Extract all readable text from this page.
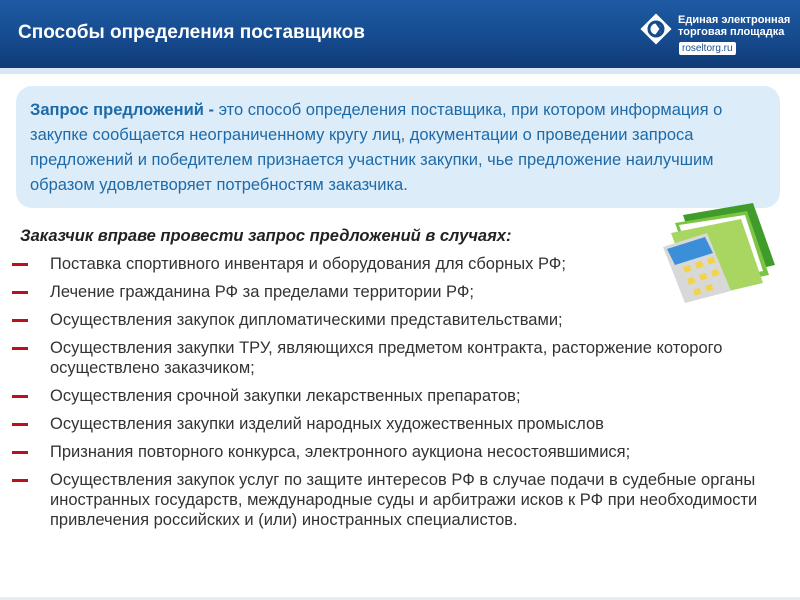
Способы определения поставщиков
Единая электронная торговая площадка
roseltorg.ru

Запрос предложений - это способ определения поставщика, при котором информация о закупке сообщается неограниченному кругу лиц, документации о проведении запроса предложений и победителем признается участник закупки, чье предложение наилучшим образом удовлетворяет потребностям заказчика.

Заказчик вправе провести запрос предложений в случаях:
Поставка спортивного инвентаря и оборудования для сборных РФ;
Лечение гражданина РФ за пределами территории РФ;
Осуществления закупок дипломатическими представительствами;
Осуществления закупки ТРУ, являющихся предметом контракта, расторжение которого осуществлено заказчиком;
Осуществления срочной закупки лекарственных препаратов;
Осуществления закупки изделий народных художественных промыслов
Признания повторного конкурса, электронного аукциона несостоявшимися;
Осуществления закупок услуг по защите интересов РФ в случае подачи в судебные органы иностранных государств, международные суды и арбитражи исков к РФ при необходимости привлечения российских и (или) иностранных специалистов.
